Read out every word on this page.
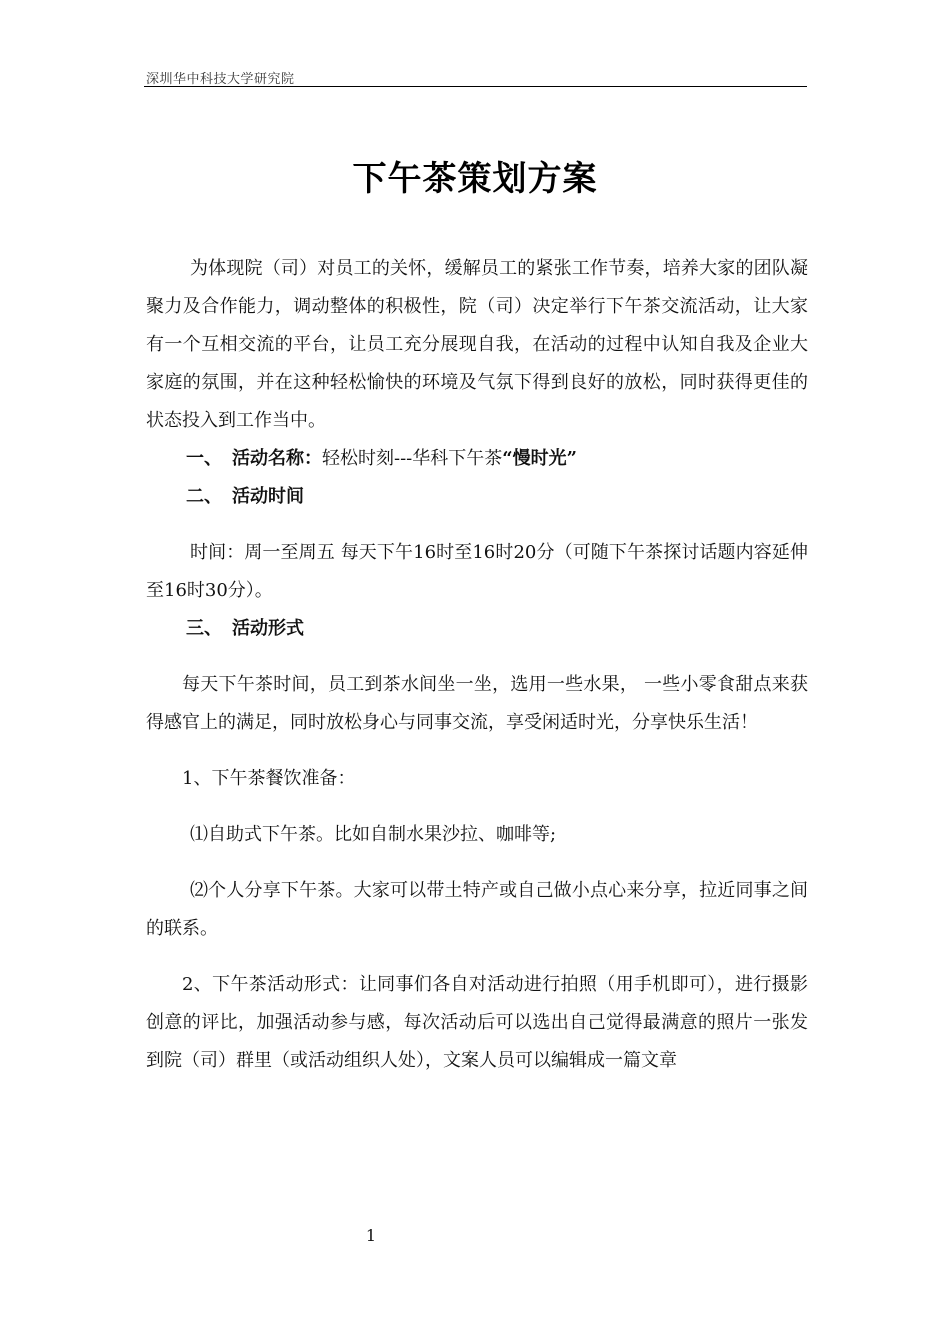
深圳华中科技大学研究院
下午茶策划方案

为体现院（司）对员工的关怀，缓解员工的紧张工作节奏，培养大家的团队凝聚力及合作能力，调动整体的积极性，院（司）决定举行下午茶交流活动，让大家有一个互相交流的平台，让员工充分展现自我，在活动的过程中认知自我及企业大家庭的氛围，并在这种轻松愉快的环境及气氛下得到良好的放松，同时获得更佳的状态投入到工作当中。

一、 活动名称：轻松时刻---华科下午茶“慢时光”

二、 活动时间

时间：周一至周五 每天下午16时至16时20分（可随下午茶探讨话题内容延伸至16时30分）。

三、 活动形式

每天下午茶时间，员工到茶水间坐一坐，选用一些水果， 一些小零食甜点来获得感官上的满足，同时放松身心与同事交流，享受闲适时光，分享快乐生活！

1、下午茶餐饮准备：

⑴自助式下午茶。比如自制水果沙拉、咖啡等;

⑵个人分享下午茶。大家可以带土特产或自己做小点心来分享，拉近同事之间的联系。

2、下午茶活动形式：让同事们各自对活动进行拍照（用手机即可），进行摄影创意的评比，加强活动参与感，每次活动后可以选出自己觉得最满意的照片一张发到院（司）群里（或活动组织人处），文案人员可以编辑成一篇文章

1
